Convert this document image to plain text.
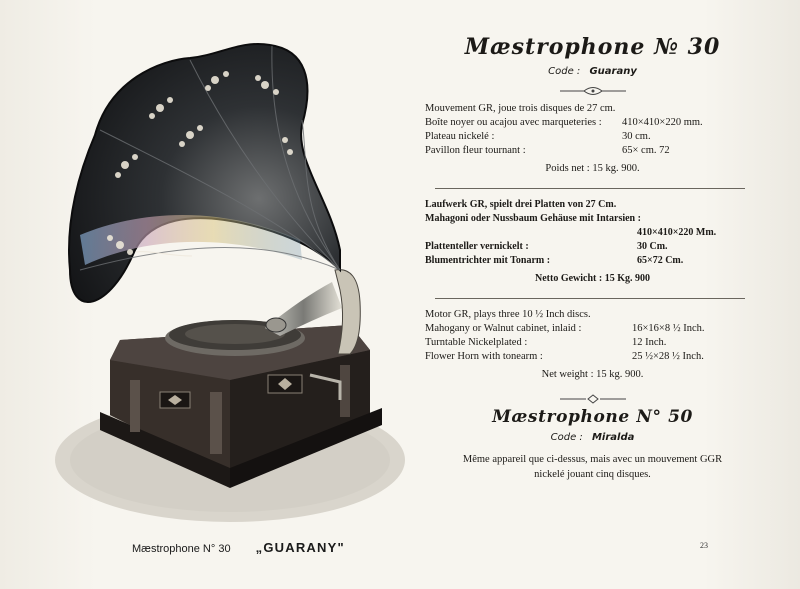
Mæstrophone N° 30 „GUARANY"	23
Mæstrophone № 30
Code : Guarany
Mouvement GR, joue trois disques de 27 cm.
Boîte noyer ou acajou avec marqueteries :	410×410×220 mm.
Plateau nickelé :	30 cm.
Pavillon fleur tournant :	65× cm. 72
Poids net : 15 kg. 900.
Laufwerk GR, spielt drei Platten von 27 Cm.
Mahagoni oder Nussbaum Gehäuse mit Intarsien :
410×410×220 Mm.
Plattenteller vernickelt :	30 Cm.
Blumentrichter mit Tonarm :	65×72 Cm.
Netto Gewicht : 15 Kg. 900
Motor GR, plays three 10 ½ Inch discs.
Mahogany or Walnut cabinet, inlaid :	16×16×8 ½ Inch.
Turntable Nickelplated :	12 Inch.
Flower Horn with tonearm :	25 ½×28 ½ Inch.
Net weight : 15 kg. 900.
Mæstrophone N° 50
Code : Miralda
Même appareil que ci-dessus, mais avec un mouvement GGR
nickelé jouant cinq disques.
